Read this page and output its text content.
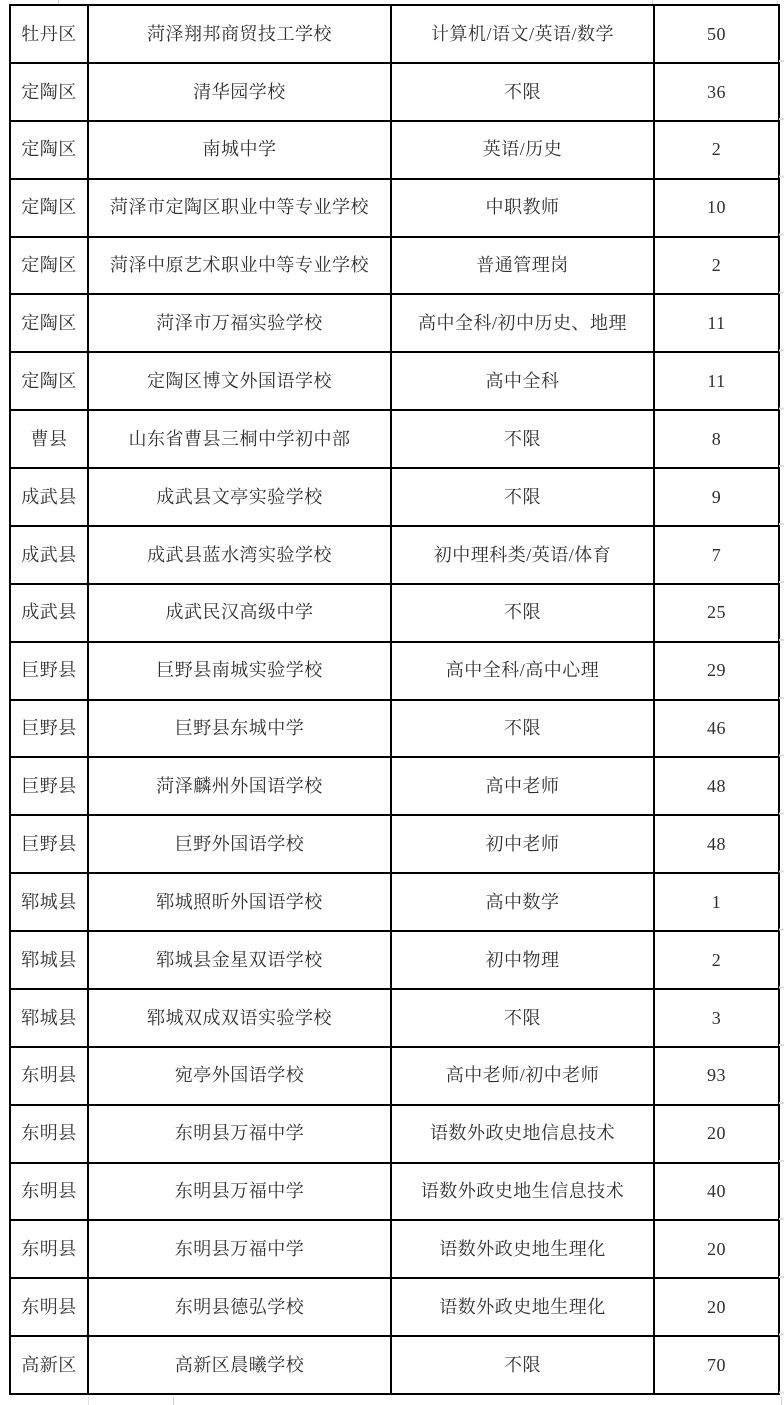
牡丹区	菏泽翔邦商贸技工学校	计算机/语文/英语/数学	50
定陶区	清华园学校	不限	36
定陶区	南城中学	英语/历史	2
定陶区	菏泽市定陶区职业中等专业学校	中职教师	10
定陶区	菏泽中原艺术职业中等专业学校	普通管理岗	2
定陶区	菏泽市万福实验学校	高中全科/初中历史、地理	11
定陶区	定陶区博文外国语学校	高中全科	11
曹县	山东省曹县三桐中学初中部	不限	8
成武县	成武县文亭实验学校	不限	9
成武县	成武县蓝水湾实验学校	初中理科类/英语/体育	7
成武县	成武民汉高级中学	不限	25
巨野县	巨野县南城实验学校	高中全科/高中心理	29
巨野县	巨野县东城中学	不限	46
巨野县	菏泽麟州外国语学校	高中老师	48
巨野县	巨野外国语学校	初中老师	48
郓城县	郓城照昕外国语学校	高中数学	1
郓城县	郓城县金星双语学校	初中物理	2
郓城县	郓城双成双语实验学校	不限	3
东明县	宛亭外国语学校	高中老师/初中老师	93
东明县	东明县万福中学	语数外政史地信息技术	20
东明县	东明县万福中学	语数外政史地生信息技术	40
东明县	东明县万福中学	语数外政史地生理化	20
东明县	东明县德弘学校	语数外政史地生理化	20
高新区	高新区晨曦学校	不限	70
